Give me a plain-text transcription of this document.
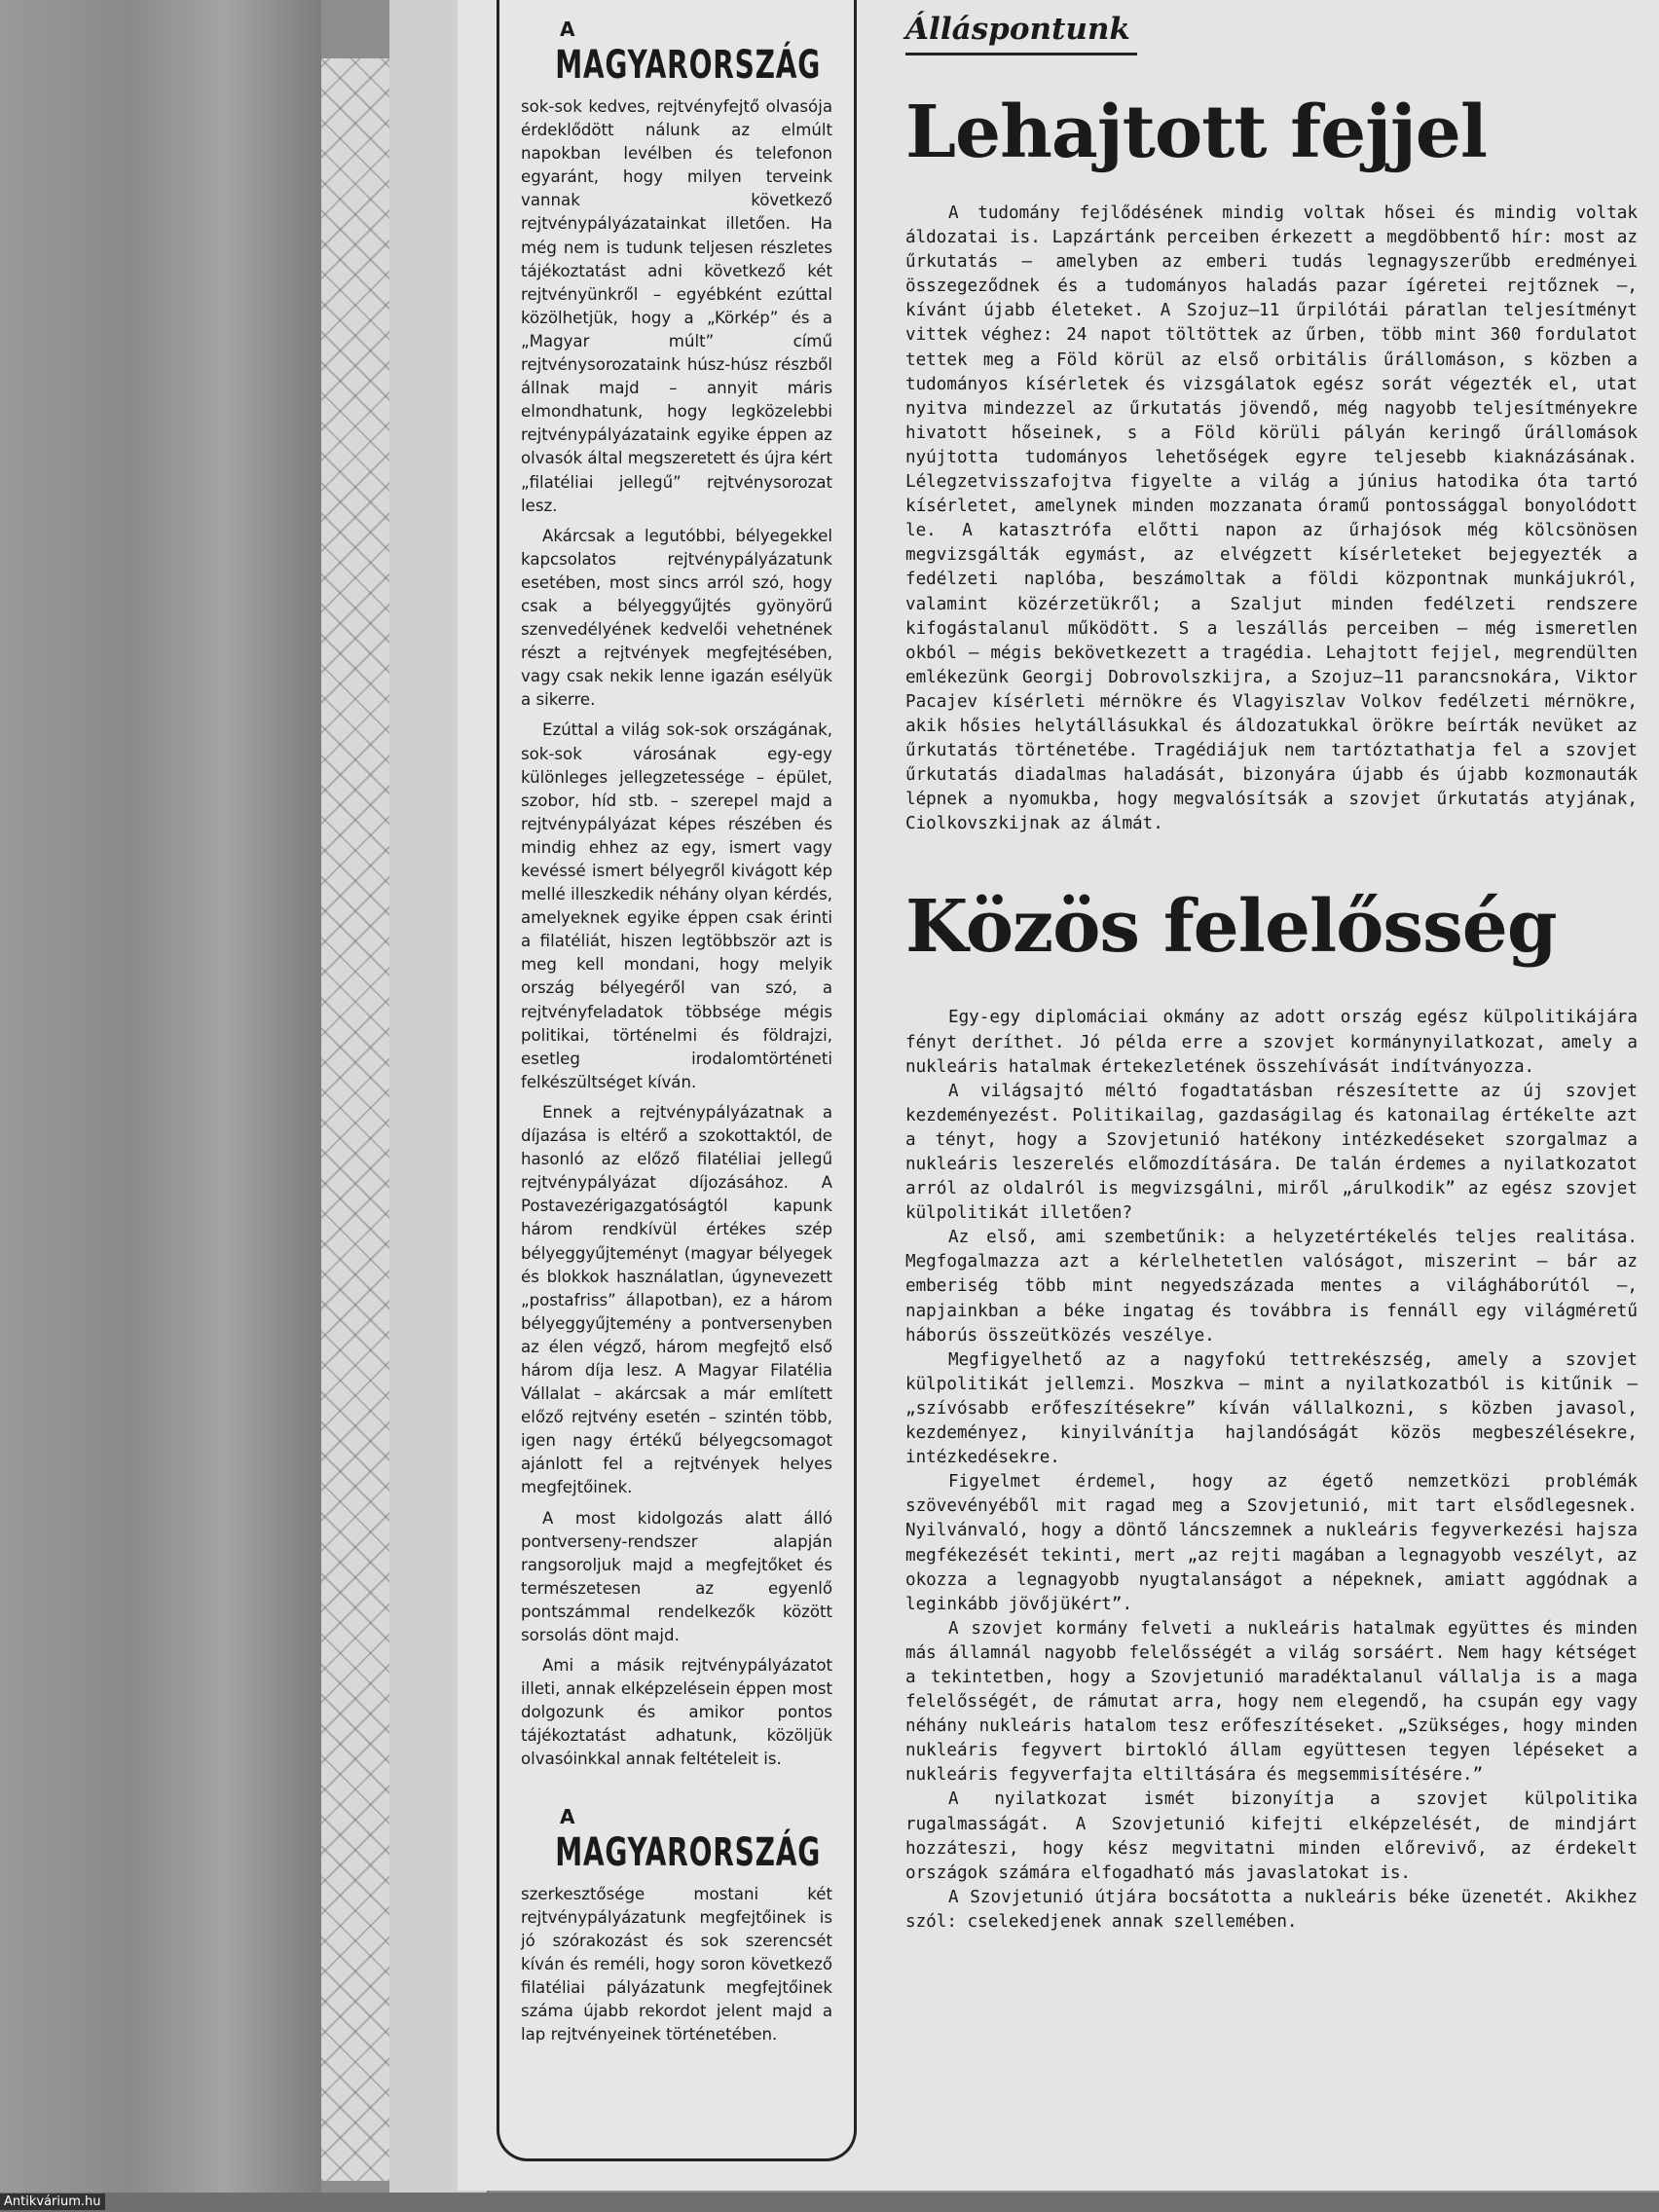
A
MAGYARORSZÁG

sok-sok kedves, rejtvényfejtő olvasója érdeklődött nálunk az elmúlt napokban levélben és telefonon egyaránt, hogy milyen terveink vannak következő rejtvénypályázatainkat illetően. Ha még nem is tudunk teljesen részletes tájékoztatást adni következő két rejtvényünkről – egyébként ezúttal közölhetjük, hogy a „Körkép” és a „Magyar múlt” című rejtvénysorozataink húsz-húsz részből állnak majd – annyit máris elmondhatunk, hogy legközelebbi rejtvénypályázataink egyike éppen az olvasók által megszeretett és újra kért „filatéliai jellegű” rejtvénysorozat lesz.

Akárcsak a legutóbbi, bélyegekkel kapcsolatos rejtvénypályázatunk esetében, most sincs arról szó, hogy csak a bélyeggyűjtés gyönyörű szenvedélyének kedvelői vehetnének részt a rejtvények megfejtésében, vagy csak nekik lenne igazán esélyük a sikerre.

Ezúttal a világ sok-sok országának, sok-sok városának egy-egy különleges jellegzetessége – épület, szobor, híd stb. – szerepel majd a rejtvénypályázat képes részében és mindig ehhez az egy, ismert vagy kevéssé ismert bélyegről kivágott kép mellé illeszkedik néhány olyan kérdés, amelyeknek egyike éppen csak érinti a filatéliát, hiszen legtöbbször azt is meg kell mondani, hogy melyik ország bélyegéről van szó, a rejtvényfeladatok többsége mégis politikai, történelmi és földrajzi, esetleg irodalomtörténeti felkészültséget kíván.

Ennek a rejtvénypályázatnak a díjazása is eltérő a szokottaktól, de hasonló az előző filatéliai jellegű rejtvénypályázat díjozásához. A Postavezérigazgatóságtól kapunk három rendkívül értékes szép bélyeggyűjteményt (magyar bélyegek és blokkok használatlan, úgynevezett „postafriss” állapotban), ez a három bélyeggyűjtemény a pontversenyben az élen végző, három megfejtő első három díja lesz. A Magyar Filatélia Vállalat – akárcsak a már említett előző rejtvény esetén – szintén több, igen nagy értékű bélyegcsomagot ajánlott fel a rejtvények helyes megfejtőinek.

A most kidolgozás alatt álló pontverseny-rendszer alapján rangsoroljuk majd a megfejtőket és természetesen az egyenlő pontszámmal rendelkezők között sorsolás dönt majd.

Ami a másik rejtvénypályázatot illeti, annak elképzelésein éppen most dolgozunk és amikor pontos tájékoztatást adhatunk, közöljük olvasóinkkal annak feltételeit is.

A
MAGYARORSZÁG

szerkesztősége mostani két rejtvénypályázatunk megfejtőinek is jó szórakozást és sok szerencsét kíván és reméli, hogy soron következő filatéliai pályázatunk megfejtőinek száma újabb rekordot jelent majd a lap rejtvényeinek történetében.

Álláspontunk
Lehajtott fejjel

A tudomány fejlődésének mindig voltak hősei és mindig voltak áldozatai is. Lapzártánk perceiben érkezett a megdöbbentő hír: most az űrkutatás – amelyben az emberi tudás legnagyszerűbb eredményei összegeződnek és a tudományos haladás pazar ígéretei rejtőznek –, kívánt újabb életeket. A Szojuz–11 űrpilótái páratlan teljesítményt vittek véghez: 24 napot töltöttek az űrben, több mint 360 fordulatot tettek meg a Föld körül az első orbitális űrállomáson, s közben a tudományos kísérletek és vizsgálatok egész sorát végezték el, utat nyitva mindezzel az űrkutatás jövendő, még nagyobb teljesítményekre hivatott hőseinek, s a Föld körüli pályán keringő űrállomások nyújtotta tudományos lehetőségek egyre teljesebb kiaknázásának. Lélegzetvisszafojtva figyelte a világ a június hatodika óta tartó kísérletet, amelynek minden mozzanata óramű pontossággal bonyolódott le. A katasztrófa előtti napon az űrhajósok még kölcsönösen megvizsgálták egymást, az elvégzett kísérleteket bejegyezték a fedélzeti naplóba, beszámoltak a földi központnak munkájukról, valamint közérzetükről; a Szaljut minden fedélzeti rendszere kifogástalanul működött. S a leszállás perceiben – még ismeretlen okból – mégis bekövetkezett a tragédia. Lehajtott fejjel, megrendülten emlékezünk Georgij Dobrovolszkijra, a Szojuz–11 parancsnokára, Viktor Pacajev kísérleti mérnökre és Vlagyiszlav Volkov fedélzeti mérnökre, akik hősies helytállásukkal és áldozatukkal örökre beírták nevüket az űrkutatás történetébe. Tragédiájuk nem tartóztathatja fel a szovjet űrkutatás diadalmas haladását, bizonyára újabb és újabb kozmonauták lépnek a nyomukba, hogy megvalósítsák a szovjet űrkutatás atyjának, Ciolkovszkijnak az álmát.

Közös felelősség

Egy-egy diplomáciai okmány az adott ország egész külpolitikájára fényt deríthet. Jó példa erre a szovjet kormánynyilatkozat, amely a nukleáris hatalmak értekezletének összehívását indítványozza.

A világsajtó méltó fogadtatásban részesítette az új szovjet kezdeményezést. Politikailag, gazdaságilag és katonailag értékelte azt a tényt, hogy a Szovjetunió hatékony intézkedéseket szorgalmaz a nukleáris leszerelés előmozdítására. De talán érdemes a nyilatkozatot arról az oldalról is megvizsgálni, miről „árulkodik” az egész szovjet külpolitikát illetően?

Az első, ami szembetűnik: a helyzetértékelés teljes realitása. Megfogalmazza azt a kérlelhetetlen valóságot, miszerint – bár az emberiség több mint negyedszázada mentes a világháborútól –, napjainkban a béke ingatag és továbbra is fennáll egy világméretű háborús összeütközés veszélye.

Megfigyelhető az a nagyfokú tettrekészség, amely a szovjet külpolitikát jellemzi. Moszkva – mint a nyilatkozatból is kitűnik – „szívósabb erőfeszítésekre” kíván vállalkozni, s közben javasol, kezdeményez, kinyilvánítja hajlandóságát közös megbeszélésekre, intézkedésekre.

Figyelmet érdemel, hogy az égető nemzetközi problémák szövevényéből mit ragad meg a Szovjetunió, mit tart elsődlegesnek. Nyilvánvaló, hogy a döntő láncszemnek a nukleáris fegyverkezési hajsza megfékezését tekinti, mert „az rejti magában a legnagyobb veszélyt, az okozza a legnagyobb nyugtalanságot a népeknek, amiatt aggódnak a leginkább jövőjükért”.

A szovjet kormány felveti a nukleáris hatalmak együttes és minden más államnál nagyobb felelősségét a világ sorsáért. Nem hagy kétséget a tekintetben, hogy a Szovjetunió maradéktalanul vállalja is a maga felelősségét, de rámutat arra, hogy nem elegendő, ha csupán egy vagy néhány nukleáris hatalom tesz erőfeszítéseket. „Szükséges, hogy minden nukleáris fegyvert birtokló állam együttesen tegyen lépéseket a nukleáris fegyverfajta eltiltására és megsemmisítésére.”

A nyilatkozat ismét bizonyítja a szovjet külpolitika rugalmasságát. A Szovjetunió kifejti elképzelését, de mindjárt hozzáteszi, hogy kész megvitatni minden előrevivő, az érdekelt országok számára elfogadható más javaslatokat is.

A Szovjetunió útjára bocsátotta a nukleáris béke üzenetét. Akikhez szól: cselekedjenek annak szellemében.

Antikvárium.hu
